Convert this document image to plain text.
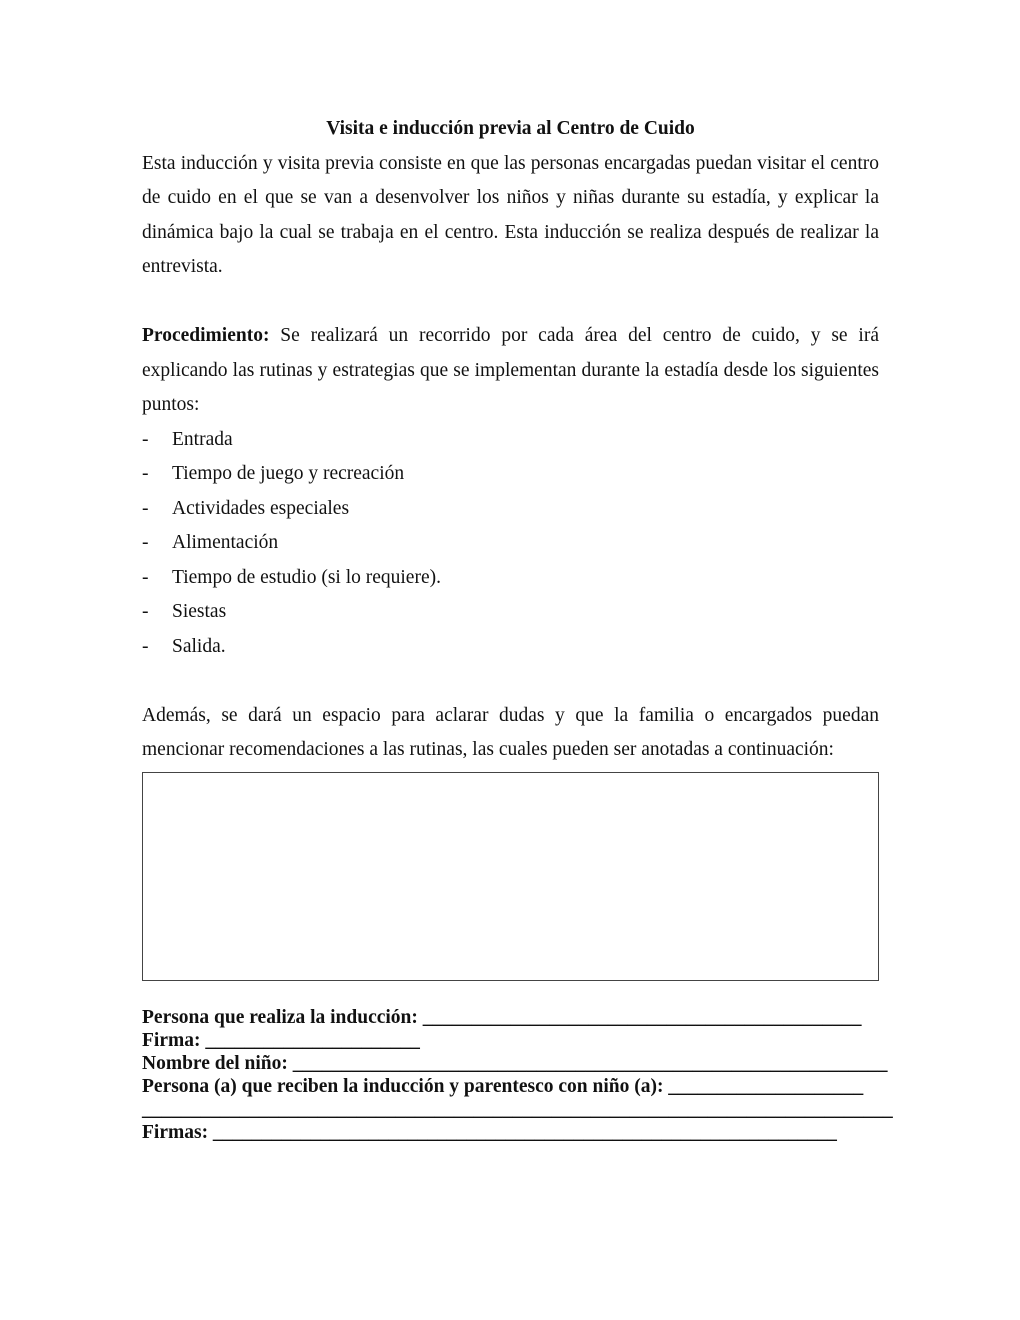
Visita e inducción previa al Centro de Cuido

Esta inducción y visita previa consiste en que las personas encargadas puedan visitar el centro de cuido en el que se van a desenvolver los niños y niñas durante su estadía, y explicar la dinámica bajo la cual se trabaja en el centro. Esta inducción se realiza después de realizar la entrevista.

Procedimiento: Se realizará un recorrido por cada área del centro de cuido, y se irá explicando las rutinas y estrategias que se implementan durante la estadía desde los siguientes puntos:

- Entrada
- Tiempo de juego y recreación
- Actividades especiales
- Alimentación
- Tiempo de estudio (si lo requiere).
- Siestas
- Salida.

Además, se dará un espacio para aclarar dudas y que la familia o encargados puedan mencionar recomendaciones a las rutinas, las cuales pueden ser anotadas a continuación:

Persona que realiza la inducción: _____________________________________________
Firma: ______________________
Nombre del niño: _____________________________________________________________
Persona (a) que reciben la inducción y parentesco con niño (a): ____________________
_____________________________________________________________________________
Firmas: ________________________________________________________________
